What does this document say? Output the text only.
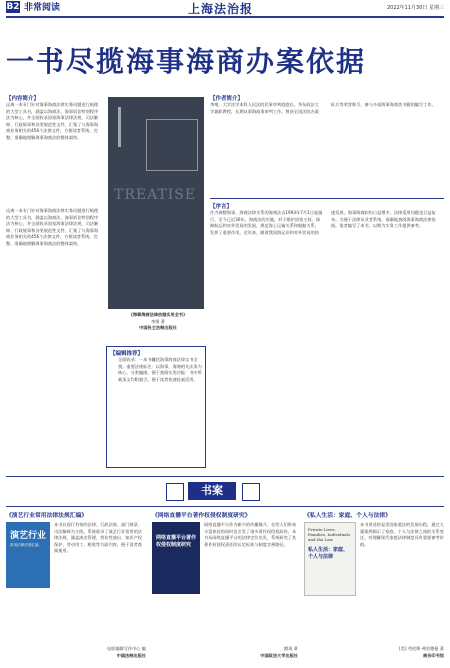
B2 非常阅读	上海法治报	2022年11月30日 星期三
一书尽揽海事海商办案依据
【内容简介】
远离一本专门针对海事海商法律实务问题进行梳理的大型工具书，涵盖以海商法、海事诉讼特别程序法为核心，并全面收录国家海事法律法规、司法解释、行政规章和各类规范性文件，汇集了与海事海商业务相关的456个法律文件，方便读者系统、完整、准确地理解海事海商法的整体架构。
TREATISE
《海事海商法律依据实用全书》
李维 著
中国民主法制出版社
【编辑推荐】
全面收录：一本书囊括海事海商法律文书全貌。重要法规标注：以海事、海商相关法条为核心，分类编排，便于查阅实用功能：书中所载条文均附索引，便于读者快速检索适用。
远离一本专门针对海事海商法律实务问题进行梳理的大型工具书，涵盖以海商法、海事诉讼特别程序法为核心，并全面收录国家海事法律法规、司法解释、行政规章和各类规范性文件，汇集了与海事海商业务相关的456个法律文件，方便读者系统、完整、准确地理解海事海商法的整体架构。
【作者简介】
李维，大学法学本科人民法院民事审判庭庭长，华东政法大学兼职教授，长期从事海商事审判工作。曾获全国法院办案标兵等荣誉称号，参与多部海事海商类书籍的编写工作。
【序言】
作为调整海事、海商法律关系的海商法自1993年7月1日起施行，至今已近30年。海商法的实施，对于维护国家主权、保障航运和对外贸易的发展，规范海上运输关系和船舶关系，发挥了重要作用。近年来，随着我国海运业和对外贸易的快速发展，海事海商纠纷日益增多，法律适用问题也日益复杂。为便于法律从业者系统、准确地查阅海事海商法律依据，笔者编写了本书，以期为实务工作提供参考。
书案
《演艺行业常用法律法规汇编》
演艺行业
常用法律法规汇编
本书以现行有效的法律、行政法规、部门规章、司法解释为主线，系统收录了演艺行业常用的法律法规，涵盖演出管理、营业性演出、知识产权保护、劳动用工、税收等方面内容，便于读者查阅使用。
电影编辑写作中心 编
中国法制出版社
《网络直播平台著作权侵权制度研究》
网络直播平台著作权侵权制度研究
网络直播平台作为新兴的传播媒介，在给人们带来丰富体验的同时也引发了诸多著作权侵权纠纷。本书从网络直播平台的法律定位出发，系统研究了其著作权侵权责任的认定标准与制度完善路径。
熊琦 著
中国政法大学出版社
《私人生活：家庭、个人与法律》
Private Lives: Families, Individuals, and the Law
私人生活：家庭、个人与法律
本书讲述的是美国家庭法的发展历程，通过大量案例揭示了家庭、个人与法律之间的关系变迁，对理解现代家庭法律制度具有重要参考价值。
[美] 劳伦斯·弗里德曼 著
商务印书馆
